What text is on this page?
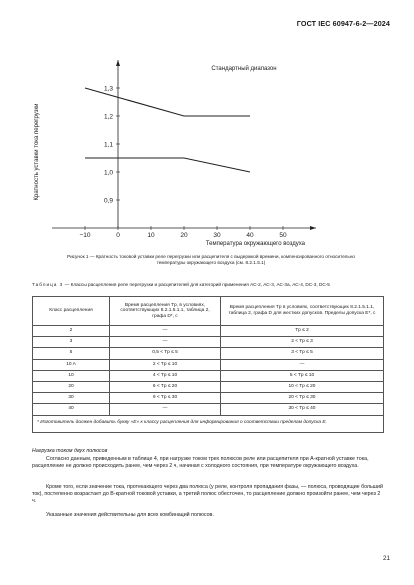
ГОСТ IEC 60947-6-2—2024
−10	0	10	20	30	40	50
0,9
1,0
1,1
1,2
1,3
Стандартный диапазон
Температура окружающего воздуха
Кратность уставки тока перегрузки
Рисунок 1 — Кратность токовой уставки реле перегрузки или расцепителя с выдержкой времени, компенсированного относительно температуры окружающего воздуха (см. 8.2.1.5.1)
Таблица 3 — Классы расцепления реле перегрузки и расцепителей для категорий применения АС-2, АС-3, АС-3а, АС-4, DC-3, DC-5
Класс расцепления	Время расцепления Tp, в условиях, соответствующих 8.2.1.5.1.1, таблица 2, графа D*, с	Время расцепления Tp в условиях, соответствующих 8.2.1.5.1.1, таблица 2, графа D для жестких допусков. Пределы допуска E*, с
2	—	Tp ≤ 2
3	—	2 < Tp ≤ 3
5	0,5 < Tp ≤ 5	3 < Tp ≤ 5
10 A	2 < Tp ≤ 10	—
10	4 < Tp ≤ 10	5 < Tp ≤ 10
20	6 < Tp ≤ 20	10 < Tp ≤ 20
30	9 < Tp ≤ 30	20 < Tp ≤ 30
40	—	30 < Tp ≤ 40
* Изготовитель должен добавить букву «Е» к классу расцепления для информирования о соответствии пределам допуска Е.		
Нагрузка током двух полюсов
Согласно данным, приведенным в таблице 4, при нагрузке током трех полюсов реле или расцепителя при А-кратной уставке тока, расцепление не должно происходить ранее, чем через 2 ч, начиная с холодного состояния, при температуре окружающего воздуха.
Кроме того, если значение тока, протекающего через два полюса (у реле, контроля пропадания фазы, — полюса, проводящие больший ток), постепенно возрастает до В-кратной токовой уставки, а третий полюс обесточен, то расцепление должно произойти ранее, чем через 2 ч.
Указанные значения действительны для всех комбинаций полюсов.
21
